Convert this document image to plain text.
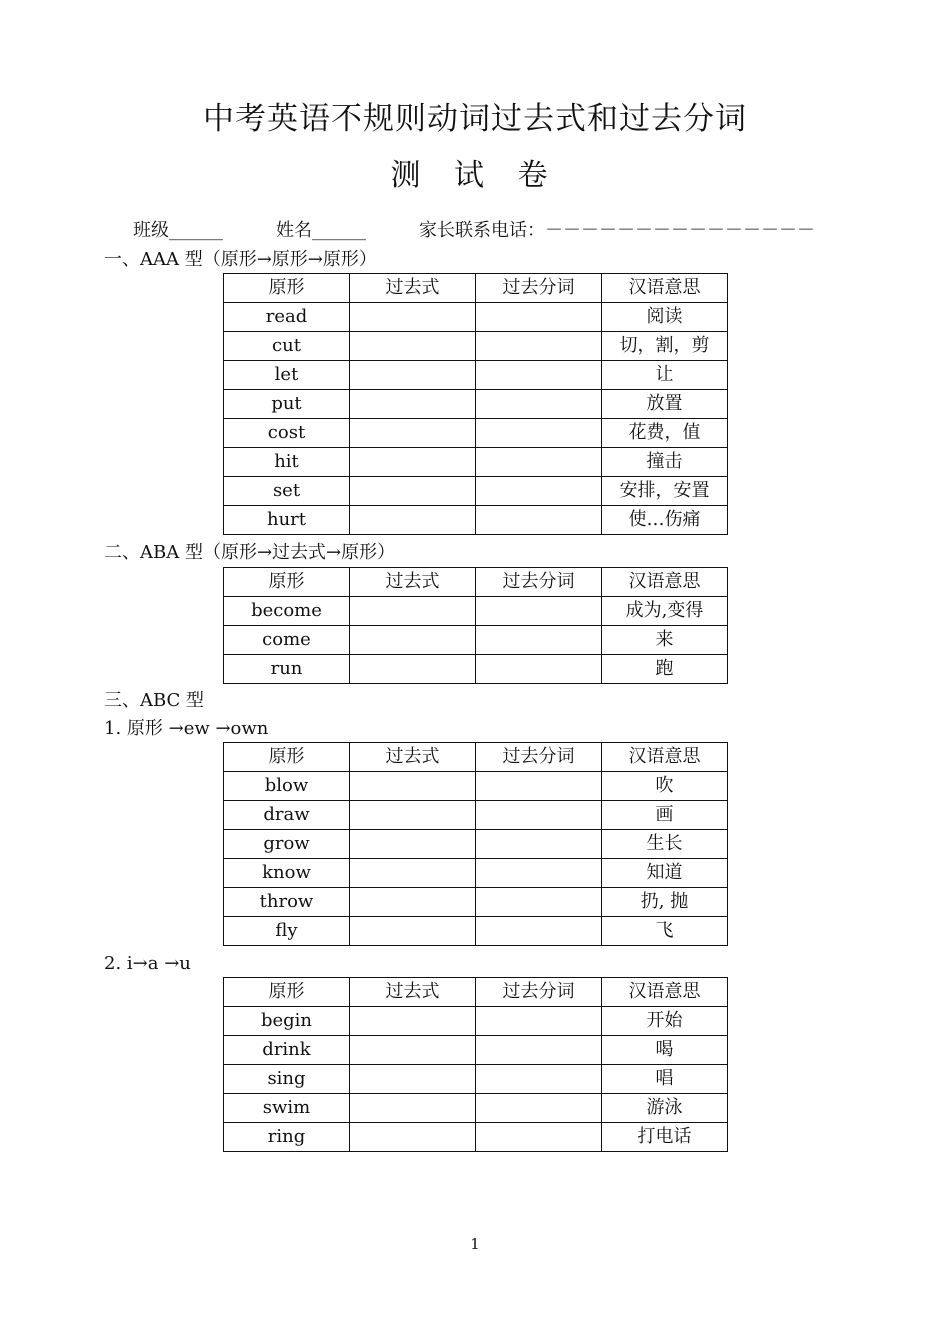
中考英语不规则动词过去式和过去分词
测 试 卷
班级______	姓名______	家长联系电话：－－－－－－－－－－－－－－－
一、AAA 型（原形→原形→原形）
原形	过去式	过去分词	汉语意思
read			阅读
cut			切，割，剪
let			让
put			放置
cost			花费，值
hit			撞击
set			安排，安置
hurt			使…伤痛
二、ABA 型（原形→过去式→原形）
原形	过去式	过去分词	汉语意思
become			成为,变得
come			来
run			跑
三、ABC 型
1. 原形 →ew →own
原形	过去式	过去分词	汉语意思
blow			吹
draw			画
grow			生长
know			知道
throw			扔, 抛
fly			飞
2. i→a →u
原形	过去式	过去分词	汉语意思
begin			开始
drink			喝
sing			唱
swim			游泳
ring			打电话
1
